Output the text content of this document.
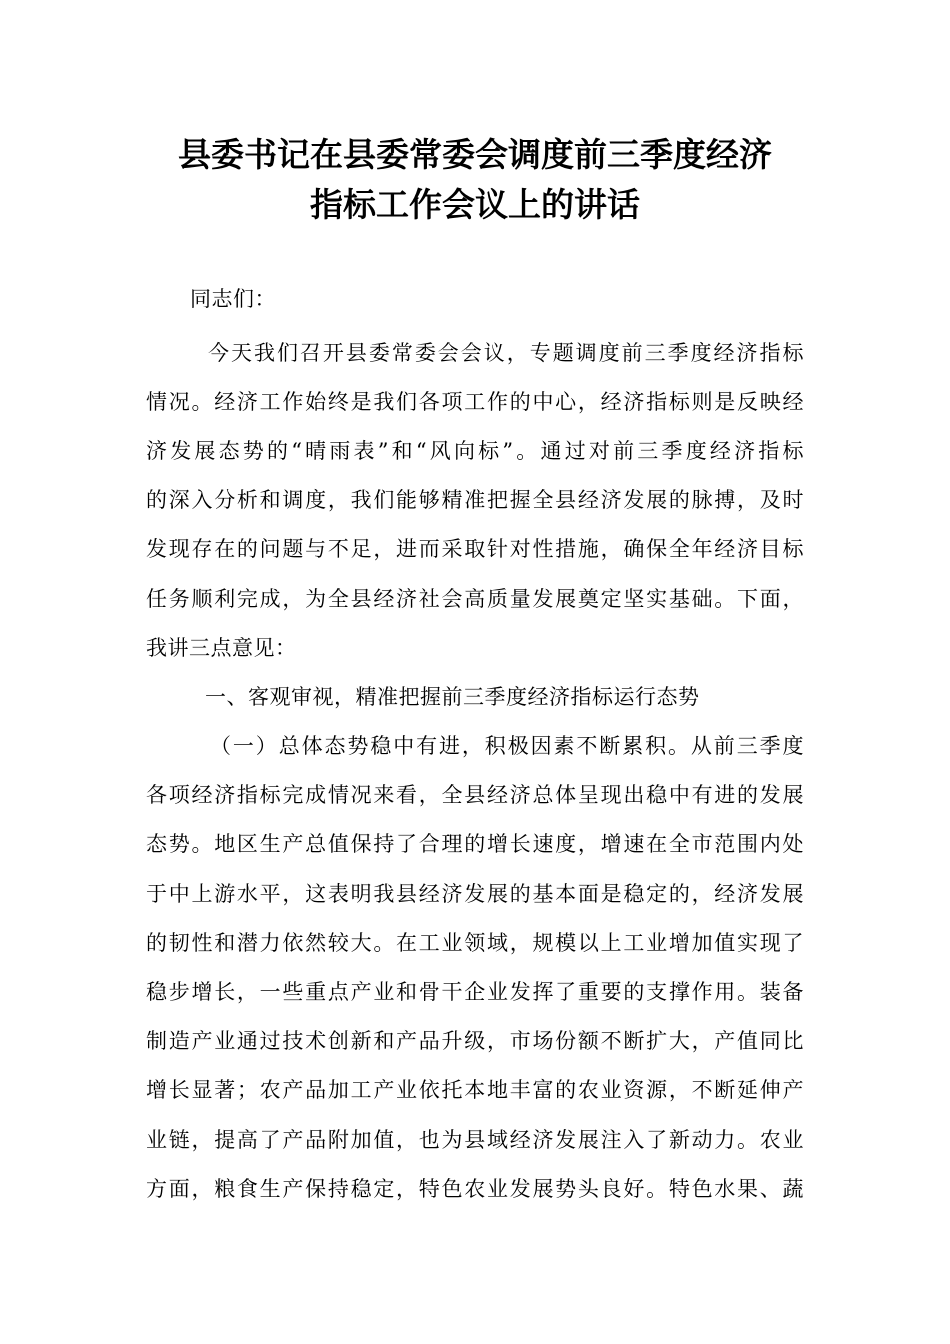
县委书记在县委常委会调度前三季度经济
指标工作会议上的讲话
同志们：
今天我们召开县委常委会会议，专题调度前三季度经济指标
情况。经济工作始终是我们各项工作的中心，经济指标则是反映经
济发展态势的“晴雨表”和“风向标”。通过对前三季度经济指标
的深入分析和调度，我们能够精准把握全县经济发展的脉搏，及时
发现存在的问题与不足，进而采取针对性措施，确保全年经济目标
任务顺利完成，为全县经济社会高质量发展奠定坚实基础。下面，
我讲三点意见：
一、客观审视，精准把握前三季度经济指标运行态势
（一）总体态势稳中有进，积极因素不断累积。从前三季度
各项经济指标完成情况来看，全县经济总体呈现出稳中有进的发展
态势。地区生产总值保持了合理的增长速度，增速在全市范围内处
于中上游水平，这表明我县经济发展的基本面是稳定的，经济发展
的韧性和潜力依然较大。在工业领域，规模以上工业增加值实现了
稳步增长，一些重点产业和骨干企业发挥了重要的支撑作用。装备
制造产业通过技术创新和产品升级，市场份额不断扩大，产值同比
增长显著；农产品加工产业依托本地丰富的农业资源，不断延伸产
业链，提高了产品附加值，也为县域经济发展注入了新动力。农业
方面，粮食生产保持稳定，特色农业发展势头良好。特色水果、蔬
